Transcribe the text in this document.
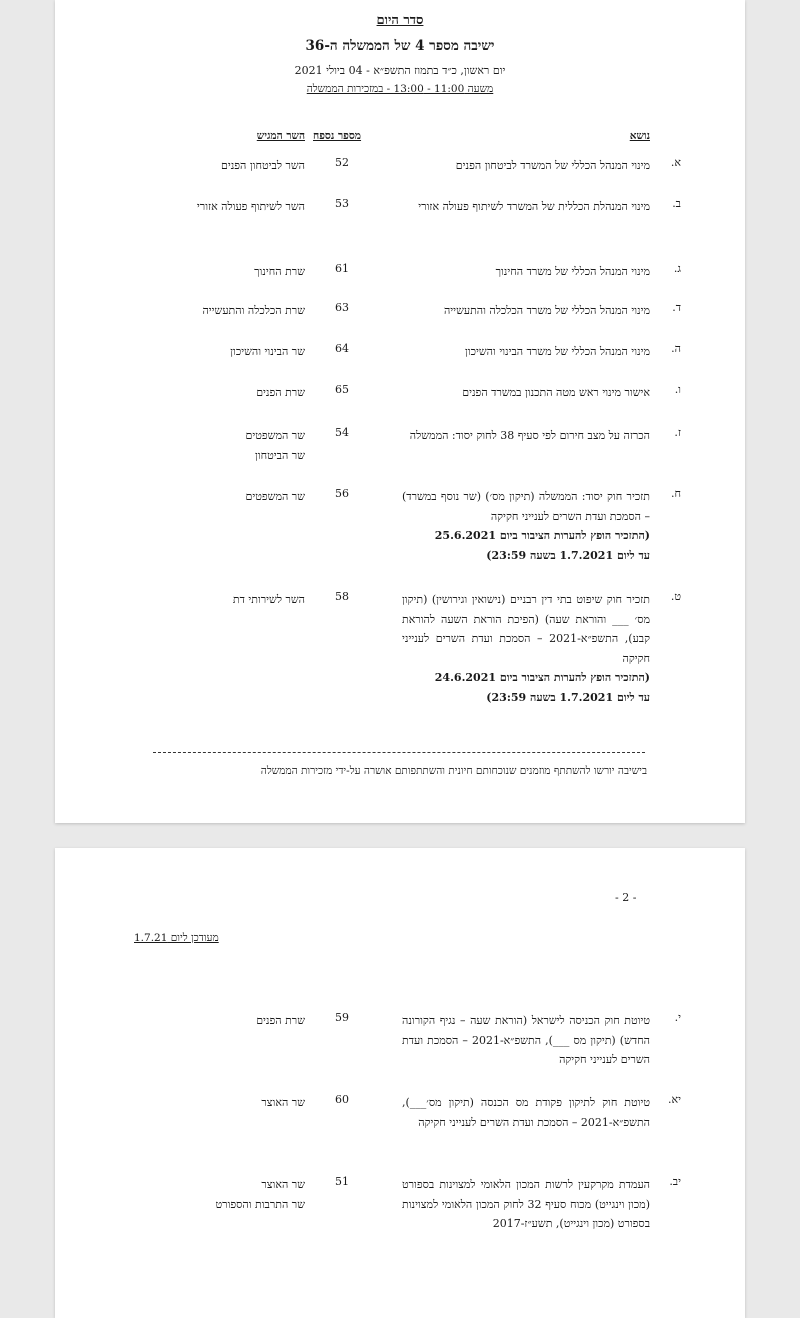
סדר היום
ישיבה מספר 4 של הממשלה ה-36
יום ראשון, כ״ד בתמוז התשפ״א - 04 ביולי 2021
משעה 11:00 - 13:00 - במזכירות הממשלה
נושא
מספר נספח
השר המגיש
א.
מינוי המנהל הכללי של המשרד לביטחון הפנים
52
השר לביטחון הפנים
ב.
מינוי המנהלת הכללית של המשרד לשיתוף פעולה אזורי
53
השר לשיתוף פעולה אזורי
ג.
מינוי המנהל הכללי של משרד החינוך
61
שרת החינוך
ד.
מינוי המנהל הכללי של משרד הכלכלה והתעשייה
63
שרת הכלכלה והתעשייה
ה.
מינוי המנהל הכללי של משרד הבינוי והשיכון
64
שר הבינוי והשיכון
ו.
אישור מינוי ראש מטה התכנון במשרד הפנים
65
שרת הפנים
ז.
הכרזה על מצב חירום לפי סעיף 38 לחוק יסוד: הממשלה
54
שר המשפטים
שר הביטחון
ח.
תזכיר חוק יסוד: הממשלה (תיקון מס׳) (שר נוסף במשרד) – הסמכת ועדת השרים לענייני חקיקה
(התזכיר הופץ להערות הציבור ביום 25.6.2021
עד ליום 1.7.2021 בשעה 23:59)
56
שר המשפטים
ט.
תזכיר חוק שיפוט בתי דין רבניים (נישואין וגירושין) (תיקון מס׳ ___ והוראת שעה) (הפיכת הוראת השעה להוראת קבע), התשפ״א-2021 – הסמכת ועדת השרים לענייני חקיקה
(התזכיר הופץ להערות הציבור ביום 24.6.2021
עד ליום 1.7.2021 בשעה 23:59)
58
השר לשירותי דת
בישיבה יורשו להשתתף מוזמנים שנוכחותם חיונית והשתתפותם אושרה על-ידי מזכירות הממשלה
- 2 -
מעודכן ליום 1.7.21
י.
טיוטת חוק הכניסה לישראל (הוראת שעה – נגיף הקורונה החדש) (תיקון מס ___), התשפ״א-2021 – הסמכת ועדת השרים לענייני חקיקה
59
שרת הפנים
יא.
טיוטת חוק לתיקון פקודת מס הכנסה (תיקון מס׳___), התשפ״א-2021 – הסמכת ועדת השרים לענייני חקיקה
60
שר האוצר
יב.
העמדת מקרקעין לרשות המכון הלאומי למצוינות בספורט (מכון וינגייט) מכוח סעיף 32 לחוק המכון הלאומי למצוינות בספורט (מכון וינגייט), תשע״ז-2017
51
שר האוצר
שר התרבות והספורט
